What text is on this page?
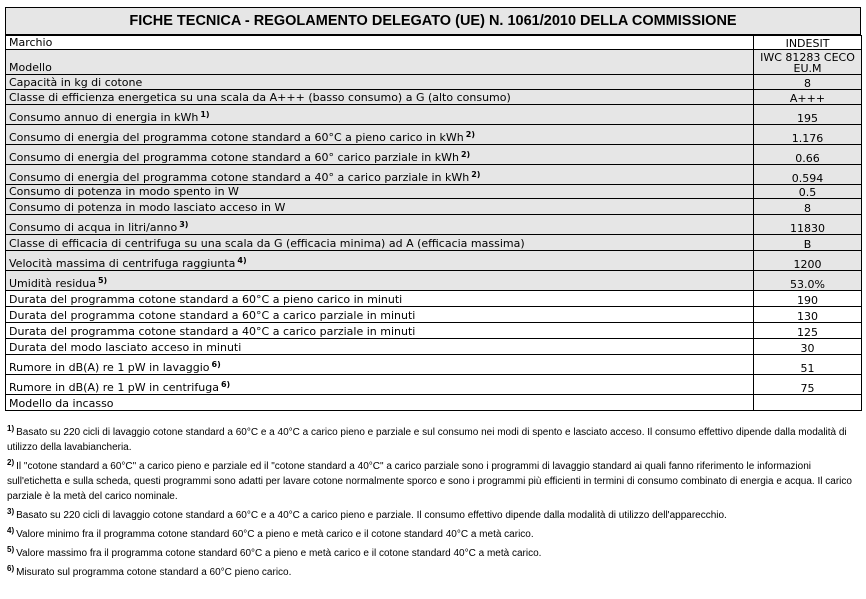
FICHE TECNICA - REGOLAMENTO DELEGATO (UE) N. 1061/2010 DELLA COMMISSIONE
Marchio	INDESIT
Modello	IWC 81283 CECO EU.M
Capacità in kg di cotone	8
Classe di efficienza energetica su una scala da A+++ (basso consumo) a G (alto consumo)	A+++
Consumo annuo di energia in kWh $^{1)}$	195
Consumo di energia del programma cotone standard a 60°C a pieno carico in kWh $^{2)}$	1.176
Consumo di energia del programma cotone standard a 60° carico parziale in kWh $^{2)}$	0.66
Consumo di energia del programma cotone standard a 40° a carico parziale in kWh $^{2)}$	0.594
Consumo di potenza in modo spento in W	0.5
Consumo di potenza in modo lasciato acceso in W	8
Consumo di acqua in litri/anno $^{3)}$	11830
Classe di efficacia di centrifuga su una scala da G (efficacia minima) ad A (efficacia massima)	B
Velocità massima di centrifuga raggiunta $^{4)}$	1200
Umidità residua $^{5)}$	53.0%
Durata del programma cotone standard a 60°C a pieno carico in minuti	190
Durata del programma cotone standard a 60°C a carico parziale in minuti	130
Durata del programma cotone standard a 40°C a carico parziale in minuti	125
Durata del modo lasciato acceso in minuti	30
Rumore in dB(A) re 1 pW in lavaggio $^{6)}$	51
Rumore in dB(A) re 1 pW in centrifuga $^{6)}$	75
Modello da incasso	

$^{1)}$ Basato su 220 cicli di lavaggio cotone standard a 60°C e a 40°C a carico pieno e parziale e sul consumo nei modi di spento e lasciato acceso. Il consumo effettivo dipende dalla modalità di utilizzo della lavabiancheria.

$^{2)}$ Il "cotone standard a 60°C" a carico pieno e parziale ed il "cotone standard a 40°C" a carico parziale sono i programmi di lavaggio standard ai quali fanno riferimento le informazioni sull'etichetta e sulla scheda, questi programmi sono adatti per lavare cotone normalmente sporco e sono i programmi più efficienti in termini di consumo combinato di energia e acqua. Il carico parziale è la metà del carico nominale.

$^{3)}$ Basato su 220 cicli di lavaggio cotone standard a 60°C e a 40°C a carico pieno e parziale. Il consumo effettivo dipende dalla modalità di utilizzo dell'apparecchio.

$^{4)}$ Valore minimo fra il programma cotone standard 60°C a pieno e metà carico e il cotone standard 40°C a metà carico.

$^{5)}$ Valore massimo fra il programma cotone standard 60°C a pieno e metà carico e il cotone standard 40°C a metà carico.

$^{6)}$ Misurato sul programma cotone standard a 60°C pieno carico.
